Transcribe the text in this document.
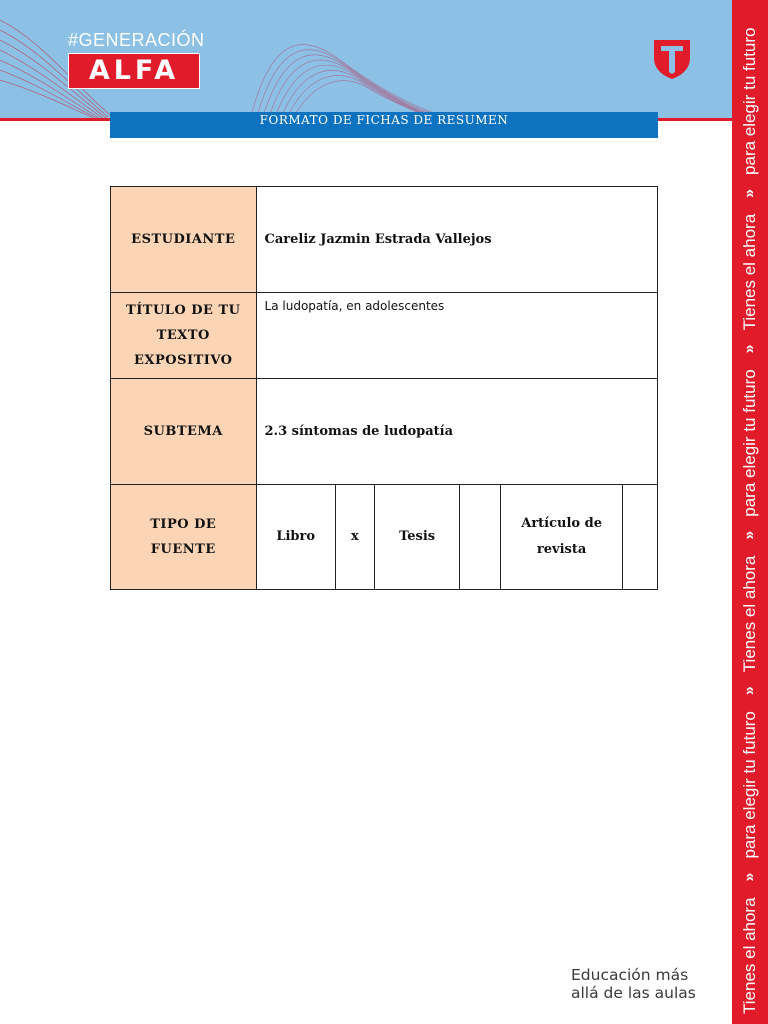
#GENERACIÓN
ALFA
FORMATO DE FICHAS DE RESUMEN
Tienes el ahora
»
para elegir tu futuro
»
Tienes el ahora
»
para elegir tu futuro
»
Tienes el ahora
»
para elegir tu futuro
ESTUDIANTE	Careliz Jazmin Estrada Vallejos					
TÍTULO DE TU TEXTO EXPOSITIVO	La ludopatía, en adolescentes					
SUBTEMA	2.3 síntomas de ludopatía					
TIPO DE FUENTE	Libro	x	Tesis		Artículo de revista	
Educación más
allá de las aulas
